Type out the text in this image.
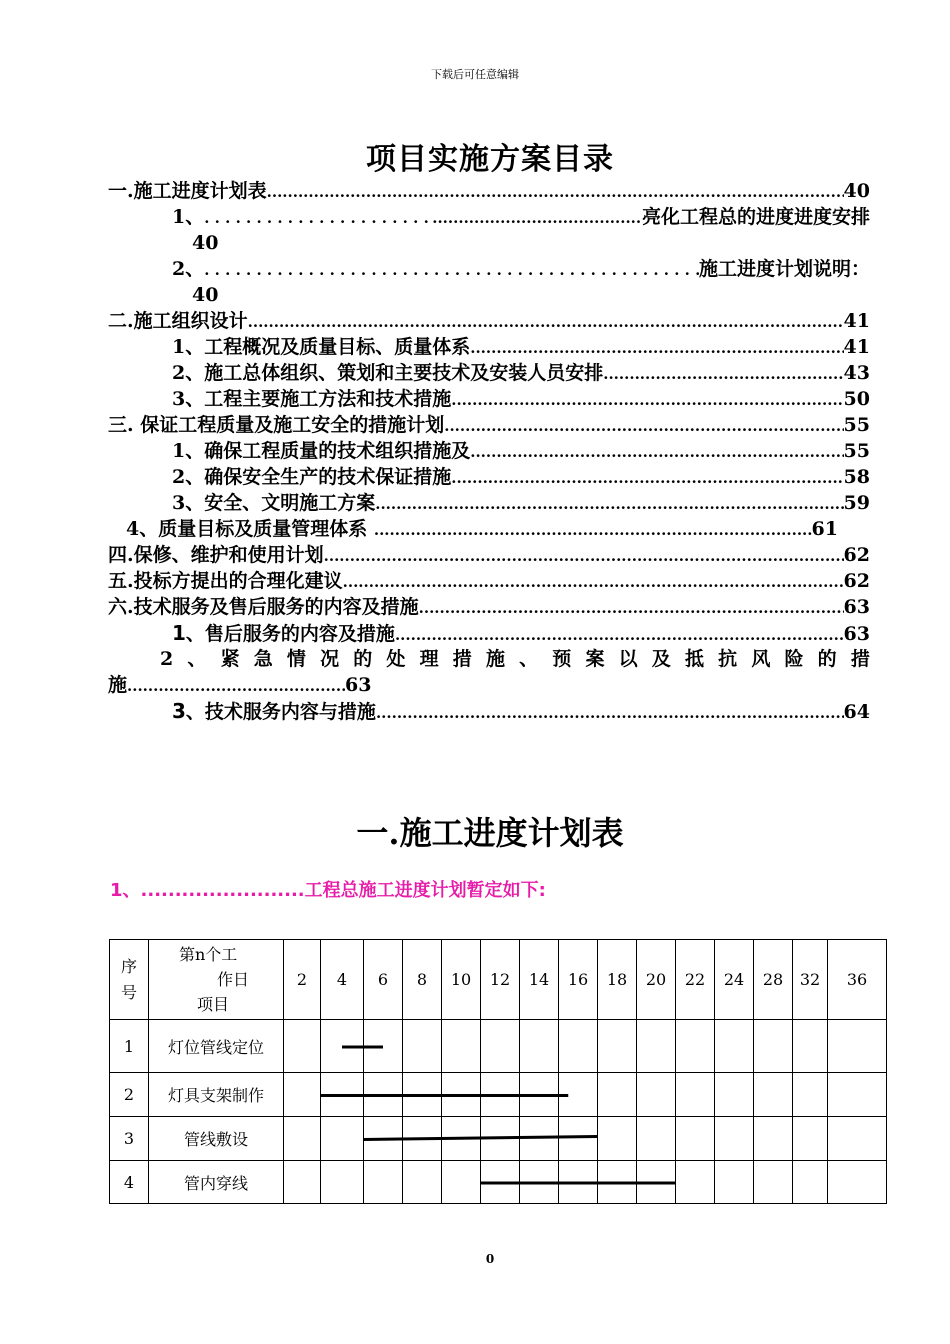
下载后可任意编辑
项目实施方案目录
一.施工进度计划表 .....	40
1、 . . . .....	亮化工程总的进度进度安排
40
2、 . . .	施工进度计划说明：
40
二.施工组织设计 .....	41
1、工程概况及质量目标、质量体系 .....	41
2、施工总体组织、策划和主要技术及安装人员安排 .....	43
3、工程主要施工方法和技术措施 .....	50
三. 保证工程质量及施工安全的措施计划 .....	55
1、确保工程质量的技术组织措施及 .....	55
2、确保安全生产的技术保证措施 .....	58
3、安全、文明施工方案 .....	59
4、质量目标及质量管理体系 .....	61
四.保修、维护和使用计划 .....	62
五.投标方提出的合理化建议 .....	62
六.技术服务及售后服务的内容及措施 .....	63
1 、售后服务的内容及措施 .....	63
2 、 紧 急 情 况 的 处 理 措 施 、 预 案 以 及 抵 抗 风 险 的 措
施 .....	63
3 、技术服务内容与措施 .....	64
一.施工进度计划表
1、........................工程总施工进度计划暂定如下:
序号	第n个工
作日
项目	2	4	6	8	10	12	14	16	18	20	22	24	28	32	36
1	灯位管线定位															
2	灯具支架制作															
3	管线敷设															
4	管内穿线															
0
